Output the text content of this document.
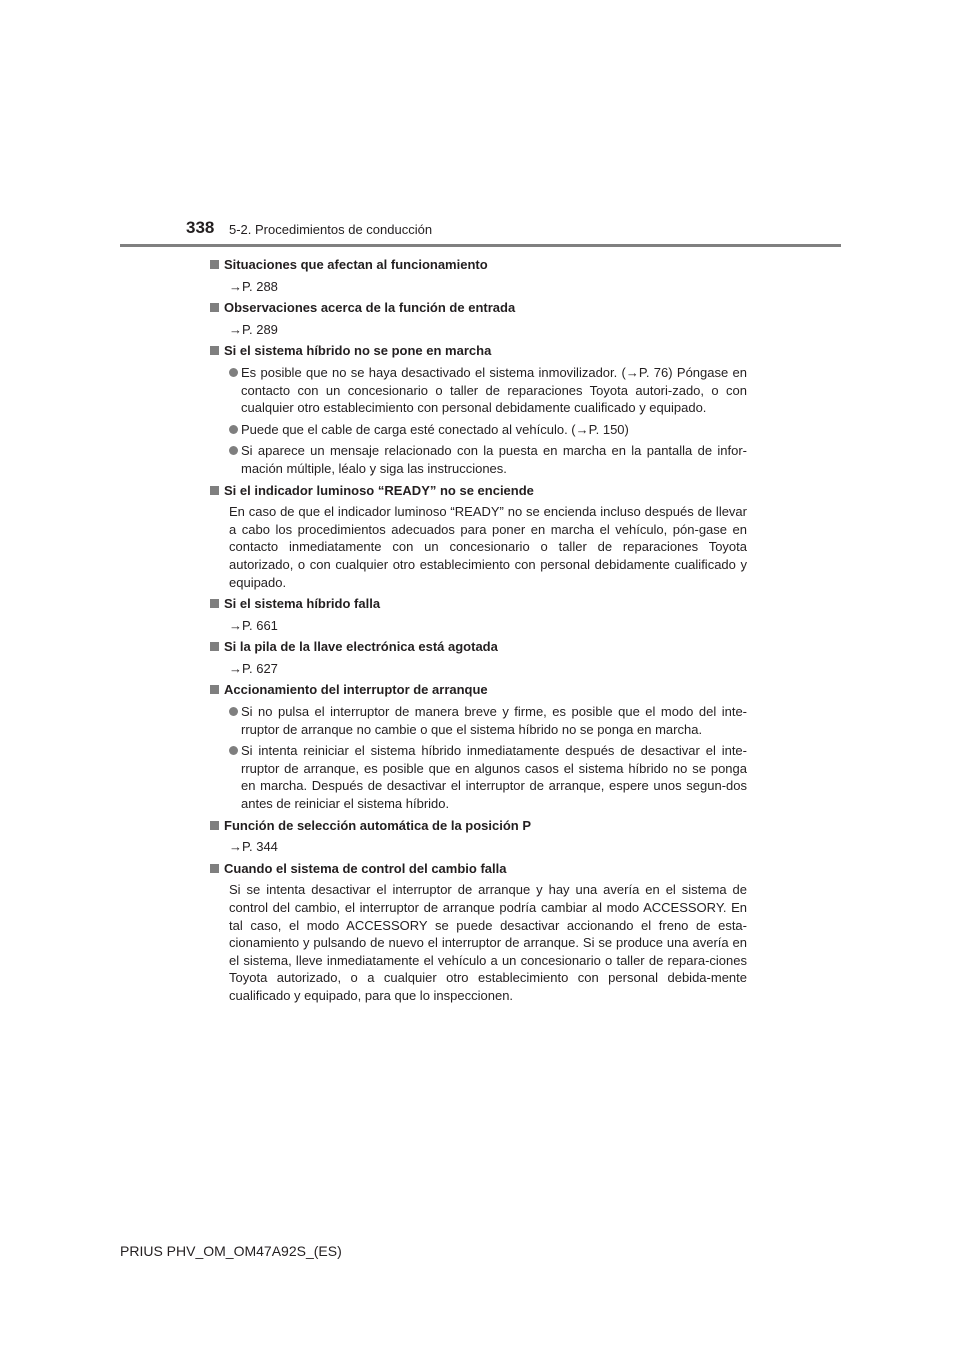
338 5-2. Procedimientos de conducción
Situaciones que afectan al funcionamiento
→P. 288
Observaciones acerca de la función de entrada
→P. 289
Si el sistema híbrido no se pone en marcha
Es posible que no se haya desactivado el sistema inmovilizador. (→P. 76) Póngase en contacto con un concesionario o taller de reparaciones Toyota autori-zado, o con cualquier otro establecimiento con personal debidamente cualificado y equipado.
Puede que el cable de carga esté conectado al vehículo. (→P. 150)
Si aparece un mensaje relacionado con la puesta en marcha en la pantalla de infor-mación múltiple, léalo y siga las instrucciones.
Si el indicador luminoso “READY” no se enciende
En caso de que el indicador luminoso “READY” no se encienda incluso después de llevar a cabo los procedimientos adecuados para poner en marcha el vehículo, pón-gase en contacto inmediatamente con un concesionario o taller de reparaciones Toyota autorizado, o con cualquier otro establecimiento con personal debidamente cualificado y equipado.
Si el sistema híbrido falla
→P. 661
Si la pila de la llave electrónica está agotada
→P. 627
Accionamiento del interruptor de arranque
Si no pulsa el interruptor de manera breve y firme, es posible que el modo del inte-rruptor de arranque no cambie o que el sistema híbrido no se ponga en marcha.
Si intenta reiniciar el sistema híbrido inmediatamente después de desactivar el inte-rruptor de arranque, es posible que en algunos casos el sistema híbrido no se ponga en marcha. Después de desactivar el interruptor de arranque, espere unos segun-dos antes de reiniciar el sistema híbrido.
Función de selección automática de la posición P
→P. 344
Cuando el sistema de control del cambio falla
Si se intenta desactivar el interruptor de arranque y hay una avería en el sistema de control del cambio, el interruptor de arranque podría cambiar al modo ACCESSORY. En tal caso, el modo ACCESSORY se puede desactivar accionando el freno de esta-cionamiento y pulsando de nuevo el interruptor de arranque. Si se produce una avería en el sistema, lleve inmediatamente el vehículo a un concesionario o taller de repara-ciones Toyota autorizado, o a cualquier otro establecimiento con personal debida-mente cualificado y equipado, para que lo inspeccionen.
PRIUS PHV_OM_OM47A92S_(ES)
